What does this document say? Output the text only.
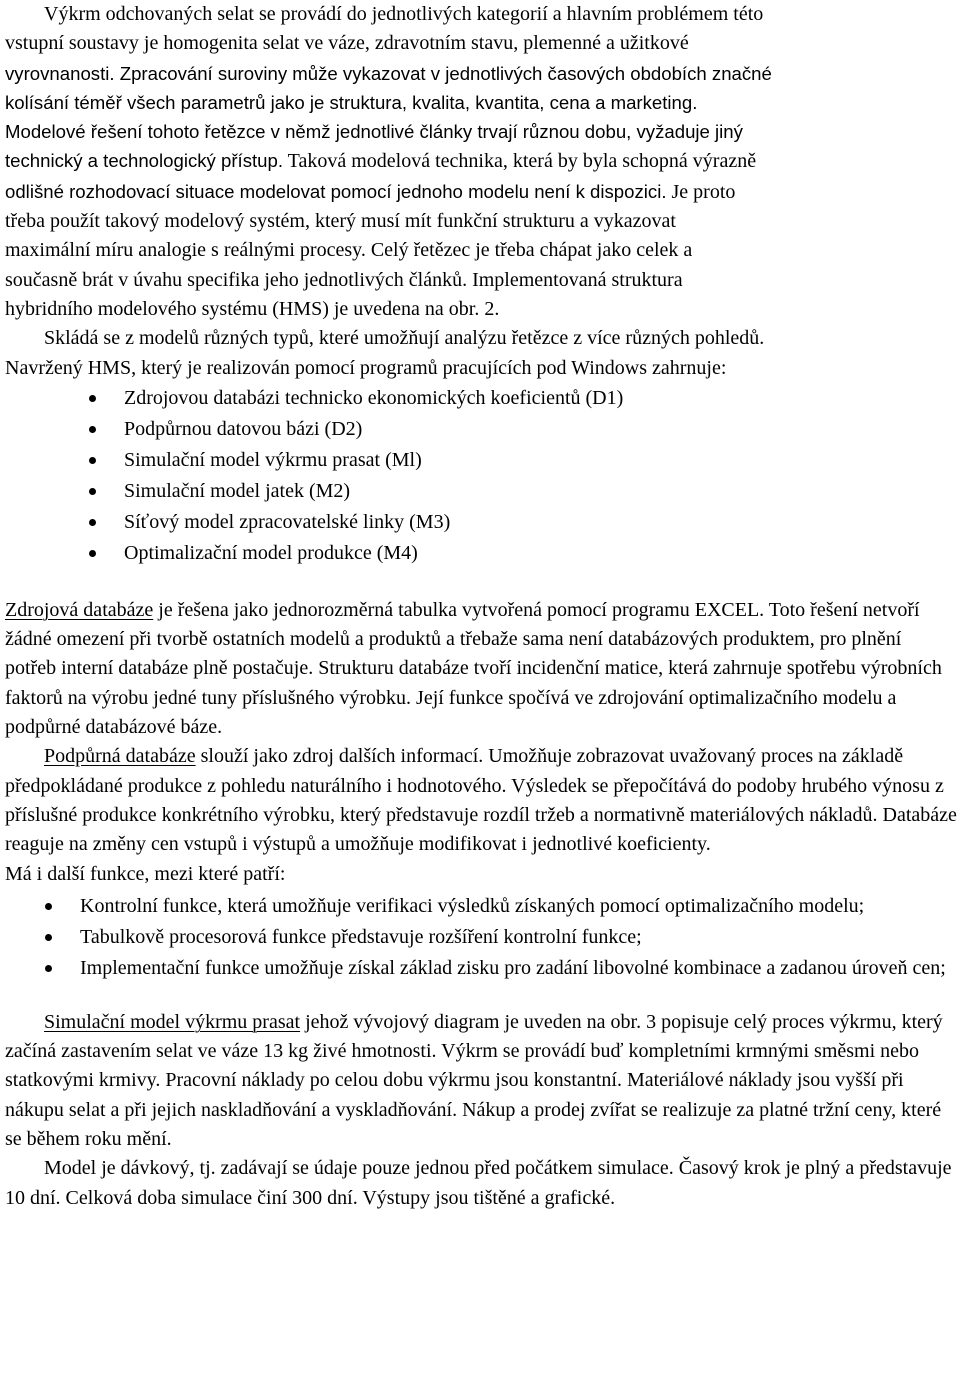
Výkrm odchovaných selat se provádí do jednotlivých kategorií a hlavním problémem této

vstupní soustavy je homogenita selat ve váze, zdravotním stavu, plemenné a užitkové

vyrovnanosti. Zpracování suroviny může vykazovat v jednotlivých časových obdobích značné

kolísání téměř všech parametrů jako je struktura, kvalita, kvantita, cena a marketing.

Modelové řešení tohoto řetězce v němž jednotlivé články trvají různou dobu, vyžaduje jiný

technický a technologický přístup. Taková modelová technika, která by byla schopná výrazně

odlišné rozhodovací situace modelovat pomocí jednoho modelu není k dispozici. Je proto

třeba použít takový modelový systém, který musí mít funkční strukturu a vykazovat

maximální míru analogie s reálnými procesy. Celý řetězec je třeba chápat jako celek a

současně brát v úvahu specifika jeho jednotlivých článků. Implementovaná struktura

hybridního modelového systému (HMS) je uvedena na obr. 2.

Skládá se z modelů různých typů, které umožňují analýzu řetězce z více různých pohledů.

Navržený HMS, který je realizován pomocí programů pracujících pod Windows zahrnuje:

Zdrojovou databázi technicko ekonomických koeficientů (D1)
Podpůrnou datovou bázi (D2)
Simulační model výkrmu prasat (Ml)
Simulační model jatek (M2)
Síťový model zpracovatelské linky (M3)
Optimalizační model produkce (M4)

Zdrojová databáze je řešena jako jednorozměrná tabulka vytvořená pomocí programu EXCEL. Toto řešení netvoří žádné omezení při tvorbě ostatních modelů a produktů a třebaže sama není databázových produktem, pro plnění potřeb interní databáze plně postačuje. Strukturu databáze tvoří incidenční matice, která zahrnuje spotřebu výrobních faktorů na výrobu jedné tuny příslušného výrobku. Její funkce spočívá ve zdrojování optimalizačního modelu a podpůrné databázové báze.

Podpůrná databáze slouží jako zdroj dalších informací. Umožňuje zobrazovat uvažovaný proces na základě předpokládané produkce z pohledu naturálního i hodnotového. Výsledek se přepočítává do podoby hrubého výnosu z příslušné produkce konkrétního výrobku, který představuje rozdíl tržeb a normativně materiálových nákladů. Databáze reaguje na změny cen vstupů i výstupů a umožňuje modifikovat i jednotlivé koeficienty.

Má i další funkce, mezi které patří:

Kontrolní funkce, která umožňuje verifikaci výsledků získaných pomocí optimalizačního modelu;
Tabulkově procesorová funkce představuje rozšíření kontrolní funkce;
Implementační funkce umožňuje získal základ zisku pro zadání libovolné kombinace a zadanou úroveň cen;

Simulační model výkrmu prasat jehož vývojový diagram je uveden na obr. 3 popisuje celý proces výkrmu, který začíná zastavením selat ve váze 13 kg živé hmotnosti. Výkrm se provádí buď kompletními krmnými směsmi nebo statkovými krmivy. Pracovní náklady po celou dobu výkrmu jsou konstantní. Materiálové náklady jsou vyšší při nákupu selat a při jejich naskladňování a vyskladňování. Nákup a prodej zvířat se realizuje za platné tržní ceny, které se během roku mění.

Model je dávkový, tj. zadávají se údaje pouze jednou před počátkem simulace. Časový krok je plný a představuje 10 dní. Celková doba simulace činí 300 dní. Výstupy jsou tištěné a grafické.
